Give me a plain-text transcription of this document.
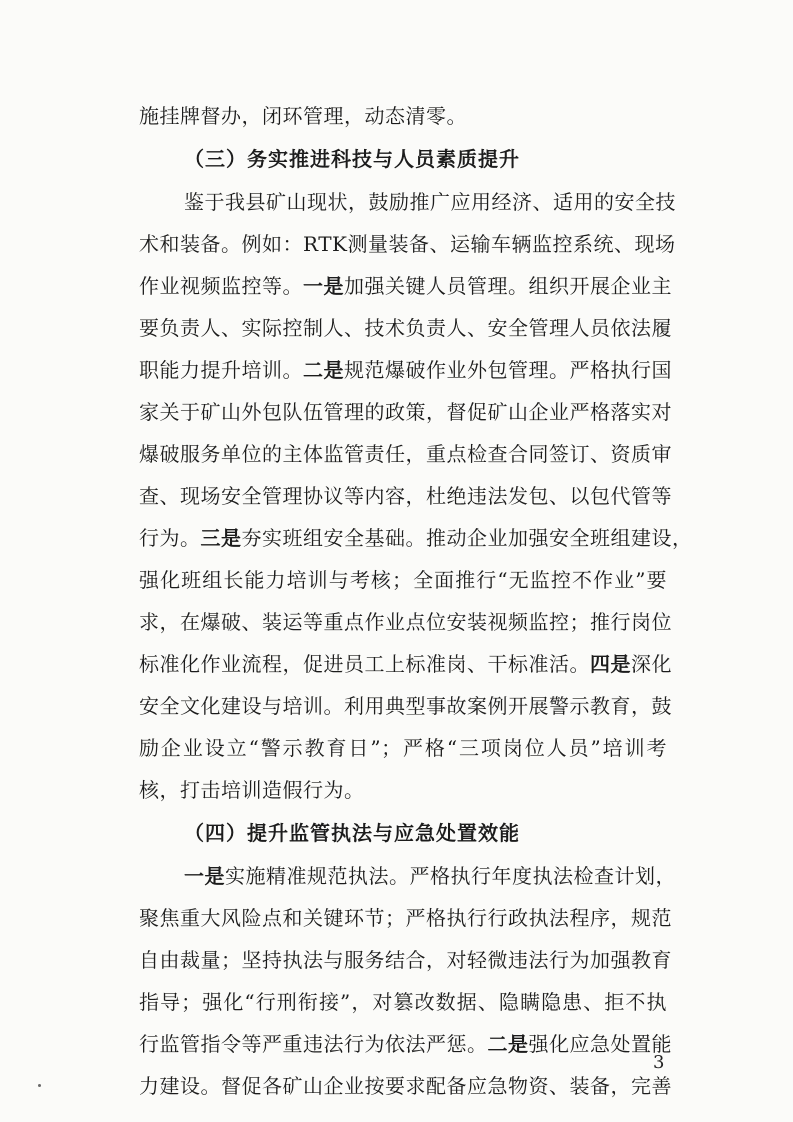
施挂牌督办，闭环管理，动态清零。
（三）务实推进科技与人员素质提升
鉴于我县矿山现状，鼓励推广应用经济、适用的安全技
术和装备。例如：RTK测量装备、运输车辆监控系统、现场
作业视频监控等。一是加强关键人员管理。组织开展企业主
要负责人、实际控制人、技术负责人、安全管理人员依法履
职能力提升培训。二是规范爆破作业外包管理。严格执行国
家关于矿山外包队伍管理的政策，督促矿山企业严格落实对
爆破服务单位的主体监管责任，重点检查合同签订、资质审
查、现场安全管理协议等内容，杜绝违法发包、以包代管等
行为。三是夯实班组安全基础。推动企业加强安全班组建设，
强化班组长能力培训与考核；全面推行“无监控不作业”要
求，在爆破、装运等重点作业点位安装视频监控；推行岗位
标准化作业流程，促进员工上标准岗、干标准活。四是深化
安全文化建设与培训。利用典型事故案例开展警示教育，鼓
励企业设立“警示教育日”；严格“三项岗位人员”培训考
核，打击培训造假行为。
（四）提升监管执法与应急处置效能
一是实施精准规范执法。严格执行年度执法检查计划，
聚焦重大风险点和关键环节；严格执行行政执法程序，规范
自由裁量；坚持执法与服务结合，对轻微违法行为加强教育
指导；强化“行刑衔接”，对篡改数据、隐瞒隐患、拒不执
行监管指令等严重违法行为依法严惩。二是强化应急处置能
力建设。督促各矿山企业按要求配备应急物资、装备，完善
3
